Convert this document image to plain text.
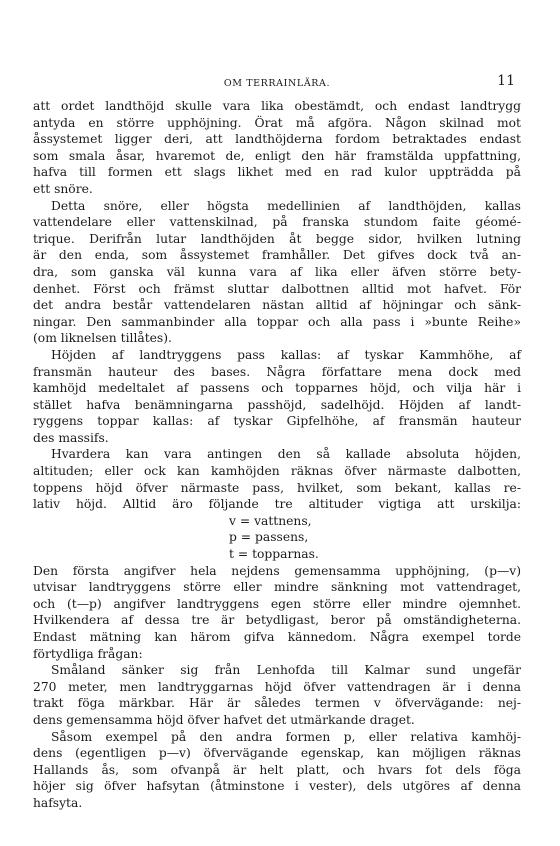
OM TERRAINLÄRA.	11
att ordet landthöjd skulle vara lika obestämdt, och endast landtrygg
antyda en större upphöjning. Örat må afgöra. Någon skilnad mot
åssystemet ligger deri, att landthöjderna fordom betraktades endast
som smala åsar, hvaremot de, enligt den här framstälda uppfattning,
hafva till formen ett slags likhet med en rad kulor uppträdda på
ett snöre.
Detta snöre, eller högsta medellinien af landthöjden, kallas
vattendelare eller vattenskilnad, på franska stundom faite géomé-
trique. Derifrån lutar landthöjden åt begge sidor, hvilken lutning
är den enda, som åssystemet framhåller. Det gifves dock två an-
dra, som ganska väl kunna vara af lika eller äfven större bety-
denhet. Först och främst sluttar dalbottnen alltid mot hafvet. För
det andra består vattendelaren nästan alltid af höjningar och sänk-
ningar. Den sammanbinder alla toppar och alla pass i »bunte Reihe»
(om liknelsen tillåtes).
Höjden af landtryggens pass kallas: af tyskar Kammhöhe, af
fransmän hauteur des bases. Några författare mena dock med
kamhöjd medeltalet af passens och topparnes höjd, och vilja här i
stället hafva benämningarna passhöjd, sadelhöjd. Höjden af landt-
ryggens toppar kallas: af tyskar Gipfelhöhe, af fransmän hauteur
des massifs.
Hvardera kan vara antingen den så kallade absoluta höjden,
altituden; eller ock kan kamhöjden räknas öfver närmaste dalbotten,
toppens höjd öfver närmaste pass, hvilket, som bekant, kallas re-
lativ höjd. Alltid äro följande tre altituder vigtiga att urskilja:
v = vattnens,
p = passens,
t = topparnas.
Den första angifver hela nejdens gemensamma upphöjning, (p—v)
utvisar landtryggens större eller mindre sänkning mot vattendraget,
och (t—p) angifver landtryggens egen större eller mindre ojemnhet.
Hvilkendera af dessa tre är betydligast, beror på omständigheterna.
Endast mätning kan härom gifva kännedom. Några exempel torde
förtydliga frågan:
Småland sänker sig från Lenhofda till Kalmar sund ungefär
270 meter, men landtryggarnas höjd öfver vattendragen är i denna
trakt föga märkbar. Här är således termen v öfvervägande: nej-
dens gemensamma höjd öfver hafvet det utmärkande draget.
Såsom exempel på den andra formen p, eller relativa kamhöj-
dens (egentligen p—v) öfvervägande egenskap, kan möjligen räknas
Hallands ås, som ofvanpå är helt platt, och hvars fot dels föga
höjer sig öfver hafsytan (åtminstone i vester), dels utgöres af denna
hafsyta.
